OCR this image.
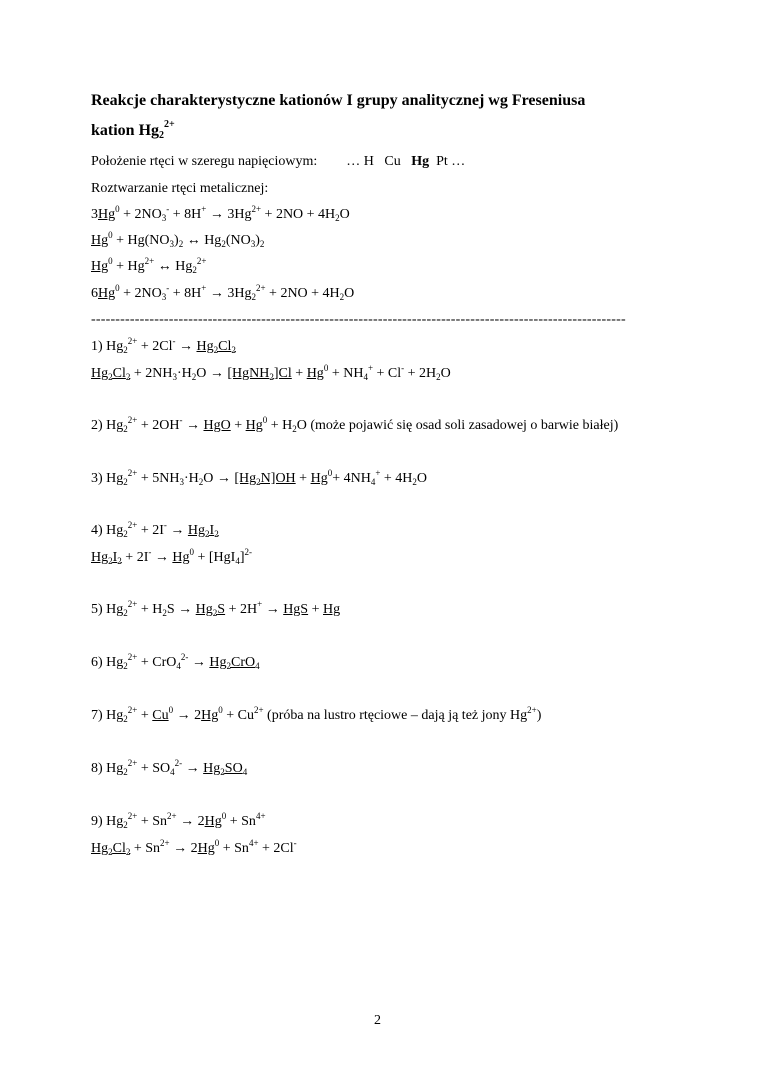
Reakcje charakterystyczne kationów I grupy analitycznej wg Freseniusa
kation $Hg_2^{2+}$
Położenie rtęci w szeregu napięciowym: … H   Cu   Hg  Pt …
Roztwarzanie rtęci metalicznej:
$3Hg^0 + 2NO_3^- + 8H^+ \to 3Hg^{2+} + 2NO + 4H_2O$
$Hg^0 + Hg(NO_3)_2$ ↔ $Hg_2(NO_3)_2$
$Hg^0 + Hg^{2+}$ ↔ $Hg_2^{2+}$
$6Hg^0 + 2NO_3^- + 8H^+ \to 3Hg_2^{2+} + 2NO + 4H_2O$
--------------------------------------------------------------------------------------------------------------
1) $Hg_2^{2+} + 2Cl^- \to Hg_2Cl_2$
$Hg_2Cl_2 + 2NH_3\cdot H_2O$ → [HgNH$_2$]Cl + $Hg^0 + NH_4^+ + Cl^- + 2H_2O$
2) $Hg_2^{2+} + 2OH^-$ → HgO + $Hg^0 + H_2O$ (może pojawić się osad soli zasadowej o barwie białej)
3) $Hg_2^{2+} + 5NH_3\cdot H_2O \to [Hg_2N]OH + Hg^0+ 4NH_4^+ + 4H_2O$
4) $Hg_2^{2+} + 2I^- \to Hg_2I_2$
$Hg_2I_2 + 2I^- \to Hg^0 + [HgI_4]^{2-}$
5) $Hg_2^{2+} + H_2S \to Hg_2S + 2H^+$ → HgS + Hg
6) $Hg_2^{2+} + CrO_4^{2-} \to Hg_2CrO_4$
7) $Hg_2^{2+} + Cu^0 \to 2Hg^0 + Cu^{2+}$ (próba na lustro rtęciowe – dają ją też jony $Hg^{2+}$)
8) $Hg_2^{2+} + SO_4^{2-} \to Hg_2SO_4$
9) $Hg_2^{2+} + Sn^{2+} \to 2Hg^0 + Sn^{4+}$
$Hg_2Cl_2 + Sn^{2+} \to 2Hg^0 + Sn^{4+} + 2Cl^-$
2
